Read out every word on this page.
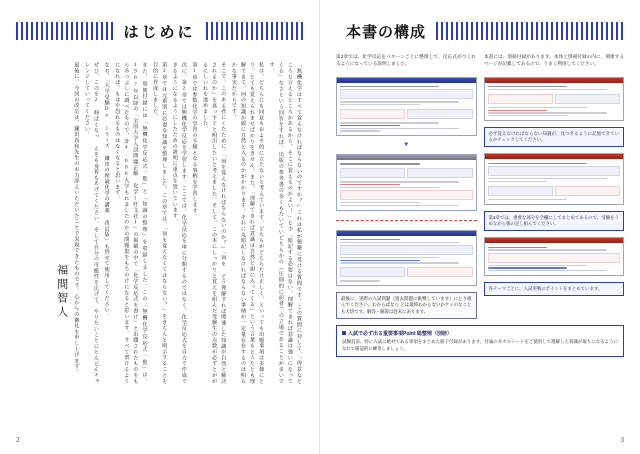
はじめに
「無機化学はすべて覚えなければならないのですか？」これは私が頻繁に受ける質問です。この質問に対して、「得意なところと言えるところがあるから、そこに覚えるのがよい！」と少「暗記する必要はない。理解できれば意識は強いになってくる」なさという回答をすれば、出版の参考書の多くもたいていどちらかの（圧倒的に前者）の立場であることが多いです。
私は、どちらにも同意もおよそ的に立たないと考えています。どちらがどちらだけ正しく、といっても出題事項は多様にとり、とても覚えられませばかりをきせん。また、「理解できれば意識は自然と頭に入ってくる」という言葉もとうたとも理解できて、何の知識が頭に自然と入るのかがかかります。それに丸暗記しなければならない事柄が一定量在在するのは明らかな事実だからです。
そこで、このある者にくたために、「何を覚えなければならないのか？」「何を どう理解すれば関連した知識が自然と解決されるのか」を真っすぐと明出したいと考えました。そして、この本にしっかりと覚えを組んだ受験生の点数が必ずとががるにしいれを進めました。
第1章では参数化学の学習の手順となる事柄を学習します。
次に、第2章では無機化学反応を学習します。ここでは、化学反応を単に分類するのではなく、化学反応式を自力で作成できるようになるようにしたための説明に重点を置いています。
第3章では元素別に必要な知識を整理しました。この章では、「何を覚えなくてはならない？」をきちんと明示することを目的に作成しました。
また、別便付録には「無機化学反応式一覧」と「知識の整理」を収録しました。この「無機化学反応式一覧」は、1967年以降の「全国大学入試問題正解 化学(旺文社)」の掲載の中で「化学反応式を書け」と出題されたものをもらみつぶしに調べたもので、計4,006大学もれましたのかの問題集をもちのけになると思います。すべて書けるようになれば、もはや恐れるものはなくなると思います。
なお、「大学受験Do シリーズ 鎌田の理論化学の講義 改訂版」も併せて使用してください。
ぜひ、このを2 伸ばくなっ えをも身着もあげてください。そして自分の可能性を広げて、やりたいことにとんどんチャレンジしていってください。
最後に、今回の改訂は、鎌田真和先生のお力添えいただいたことで実現できたものです。心からの御礼を申し上げます。
福間智人
2
本書の構成

第2章では、化学反応をパターンごとに整理して、反応式がつくれるようになっている説明しました。

本書には、別冊付録があります。本体と別冊付録の内に、関連するページが記載してあるので、うまく利用してください。

▼
最後に、実際の入試問題（過去問題に挑戦しています）にとり組んでください。わからばなら とは最終わからないかケッのなことも大切です。解答・解説は巻末にあります。
必ず覚えなければならない知識が、見つきるように記憶できているかチェックしてください。
第3章では、重要な部分を空欄にしてまとめてあるので、受験をうめながら後の足し組んでください。
各テーマごとに、入試実戦のポイントをまとめています。
入試で必ず出る重要事項Point 総整理（別冊）
試験直前、特に入試に絶対である事項をまとめた冊子付録があります。付属の赤セルシートをご使用して理解した知識が取りになるようになれて確認的に練習しましょう。
3
